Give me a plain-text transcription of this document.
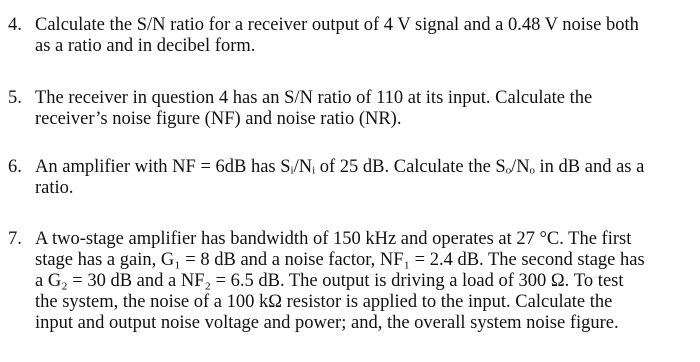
4. Calculate the S/N ratio for a receiver output of 4 V signal and a 0.48 V noise both
as a ratio and in decibel form.
5. The receiver in question 4 has an S/N ratio of 110 at its input. Calculate the
receiver’s noise figure (NF) and noise ratio (NR).
6. An amplifier with NF = 6dB has Sᵢ/Nᵢ of 25 dB. Calculate the Sₒ/Nₒ in dB and as a
ratio.
7. A two-stage amplifier has bandwidth of 150 kHz and operates at 27 °C. The first
stage has a gain, G₁ = 8 dB and a noise factor, NF₁ = 2.4 dB. The second stage has
a G₂ = 30 dB and a NF₂ = 6.5 dB. The output is driving a load of 300 Ω. To test
the system, the noise of a 100 kΩ resistor is applied to the input. Calculate the
input and output noise voltage and power; and, the overall system noise figure.
